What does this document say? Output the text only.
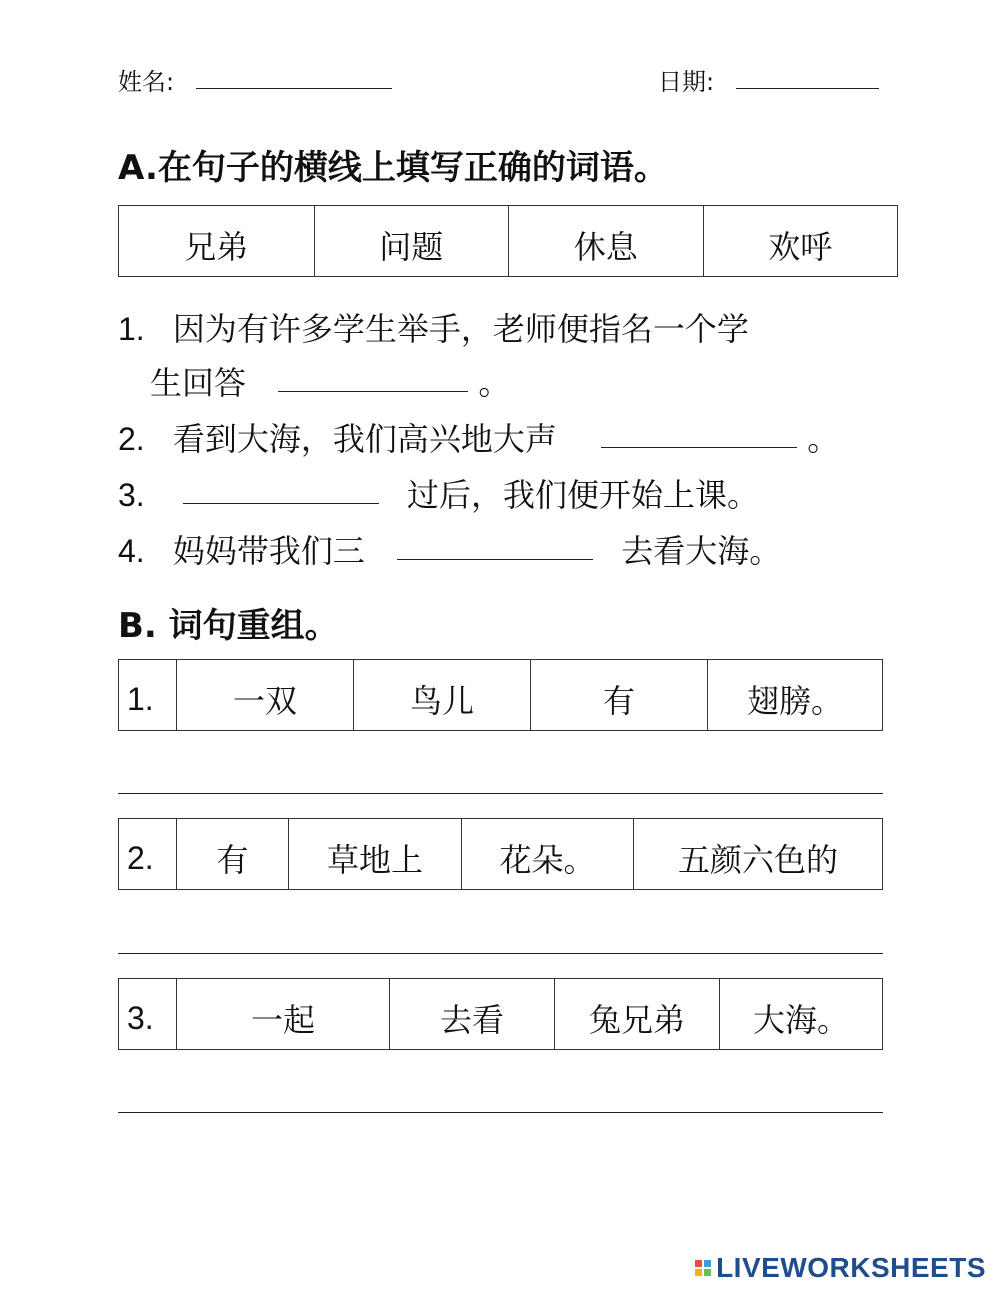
姓名:	日期:
A.在句子的横线上填写正确的词语。
兄弟	问题	休息	欢呼
1. 因为有许多学生举手，老师便指名一个学
生回答	。
2. 看到大海，我们高兴地大声	。
3.	过后，我们便开始上课。
4. 妈妈带我们三	去看大海。
B. 词句重组。
1.	一双	鸟儿	有	翅膀。
2.	有	草地上	花朵。	五颜六色的
3.	一起	去看	兔兄弟	大海。
LIVEWORKSHEETS
